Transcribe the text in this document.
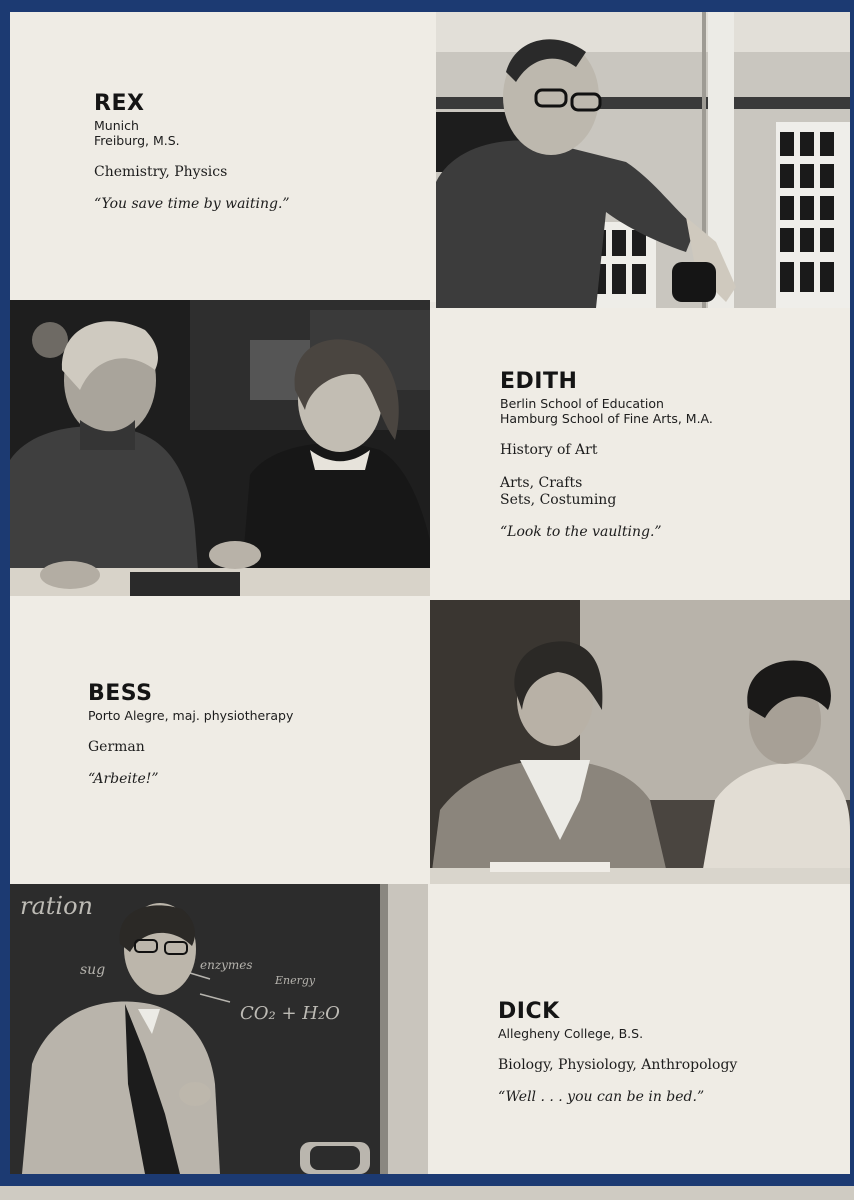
REX
Munich
Freiburg, M.S.
Chemistry, Physics
“You save time by waiting.”
EDITH
Berlin School of Education
Hamburg School of Fine Arts, M.A.
History of Art
Arts, Crafts
Sets, Costuming
“Look to the vaulting.”
BESS
Porto Alegre, maj. physiotherapy
German
“Arbeite!”
ration
sug	enzymes
Energy
CO₂ + H₂O	DICK
Allegheny College, B.S.
Biology, Physiology, Anthropology
“Well . . . you can be in bed.”
